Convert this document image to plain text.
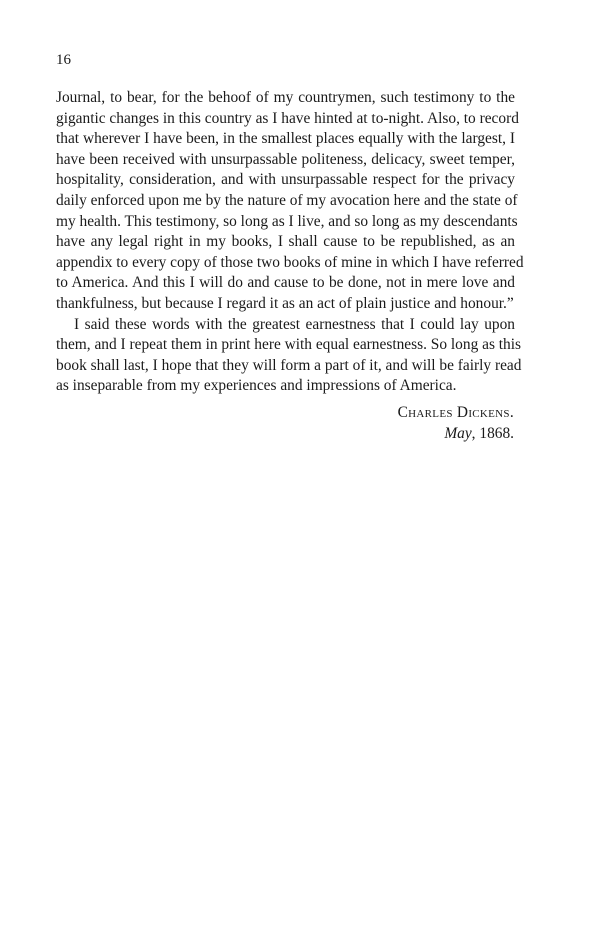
16
Journal, to bear, for the behoof of my countrymen, such testimony to the
gigantic changes in this country as I have hinted at to-night. Also, to record
that wherever I have been, in the smallest places equally with the largest, I
have been received with unsurpassable politeness, delicacy, sweet temper,
hospitality, consideration, and with unsurpassable respect for the privacy
daily enforced upon me by the nature of my avocation here and the state of
my health. This testimony, so long as I live, and so long as my descendants
have any legal right in my books, I shall cause to be republished, as an
appendix to every copy of those two books of mine in which I have referred
to America. And this I will do and cause to be done, not in mere love and
thankfulness, but because I regard it as an act of plain justice and honour.”
I said these words with the greatest earnestness that I could lay upon
them, and I repeat them in print here with equal earnestness. So long as this
book shall last, I hope that they will form a part of it, and will be fairly read
as inseparable from my experiences and impressions of America.
Charles Dickens.
May, 1868.
